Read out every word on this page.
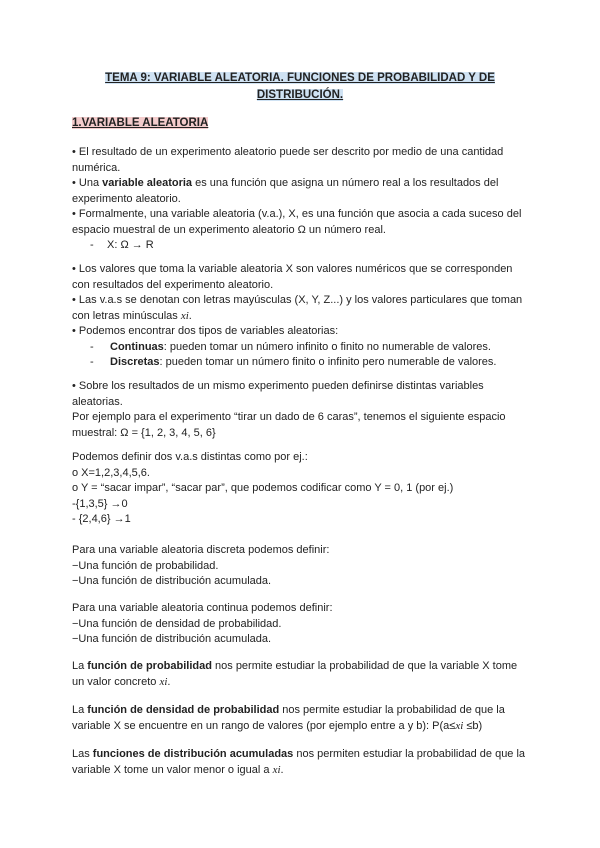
TEMA 9: VARIABLE ALEATORIA. FUNCIONES DE PROBABILIDAD Y DE
DISTRIBUCIÓN.
1.VARIABLE ALEATORIA

• El resultado de un experimento aleatorio puede ser descrito por medio de una cantidad numérica.

• Una variable aleatoria es una función que asigna un número real a los resultados del experimento aleatorio.

• Formalmente, una variable aleatoria (v.a.), X, es una función que asocia a cada suceso del espacio muestral de un experimento aleatorio Ω un número real.

- X: Ω → R

• Los valores que toma la variable aleatoria X son valores numéricos que se corresponden con resultados del experimento aleatorio.

• Las v.a.s se denotan con letras mayúsculas (X, Y, Z...) y los valores particulares que toman con letras minúsculas xi.

• Podemos encontrar dos tipos de variables aleatorias:

- Continuas: pueden tomar un número infinito o finito no numerable de valores.

- Discretas: pueden tomar un número finito o infinito pero numerable de valores.

• Sobre los resultados de un mismo experimento pueden definirse distintas variables aleatorias.

Por ejemplo para el experimento “tirar un dado de 6 caras”, tenemos el siguiente espacio muestral: Ω = {1, 2, 3, 4, 5, 6}

Podemos definir dos v.a.s distintas como por ej.:

o X=1,2,3,4,5,6.

o Y = “sacar impar”, “sacar par”, que podemos codificar como Y = 0, 1 (por ej.)

-{1,3,5} →0

- {2,4,6} →1

Para una variable aleatoria discreta podemos definir:

−Una función de probabilidad.

−Una función de distribución acumulada.

Para una variable aleatoria continua podemos definir:

−Una función de densidad de probabilidad.

−Una función de distribución acumulada.

La función de probabilidad nos permite estudiar la probabilidad de que la variable X tome un valor concreto xi.

La función de densidad de probabilidad nos permite estudiar la probabilidad de que la variable X se encuentre en un rango de valores (por ejemplo entre a y b): P(a≤xi ≤b)

Las funciones de distribución acumuladas nos permiten estudiar la probabilidad de que la variable X tome un valor menor o igual a xi.
